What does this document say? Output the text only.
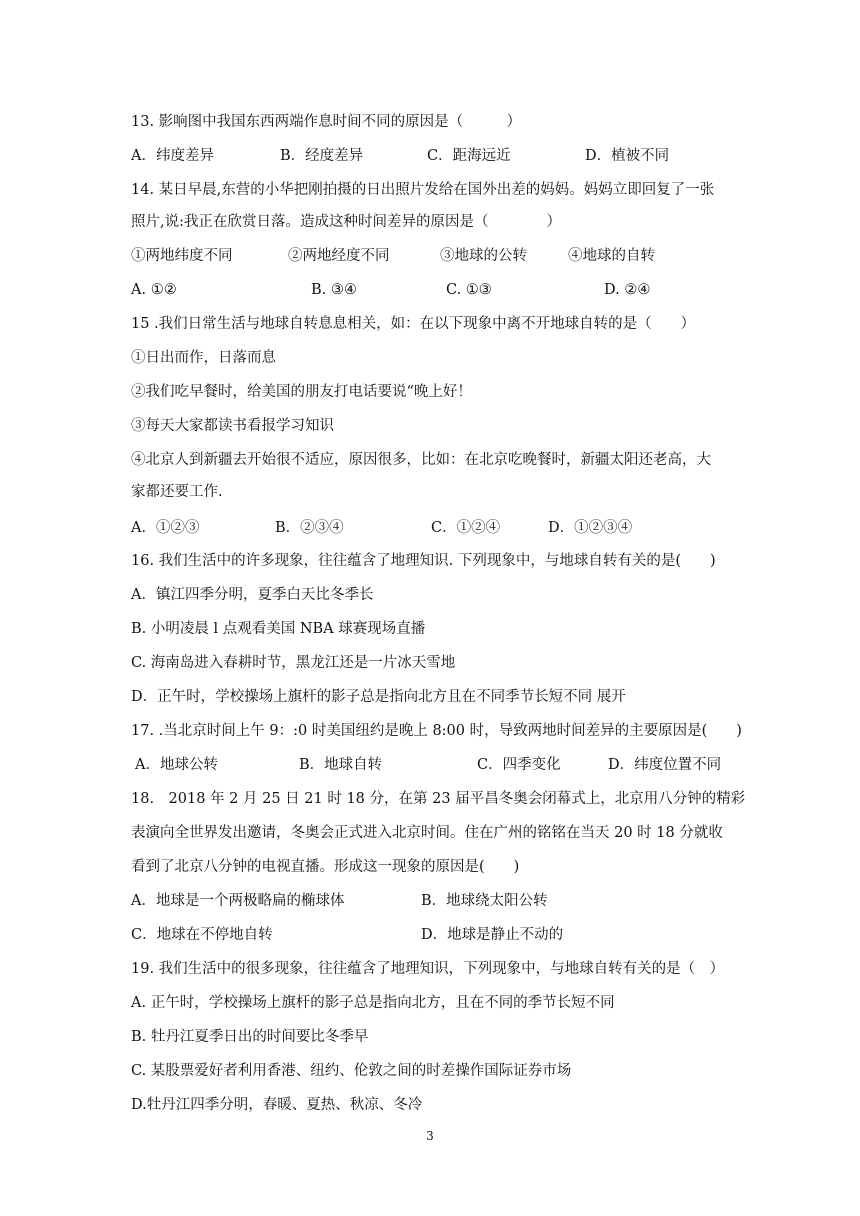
13. 影响图中我国东西两端作息时间不同的原因是（　　　）

A．纬度差异	B．经度差异	C．距海远近	D．植被不同

14. 某日早晨,东营的小华把刚拍摄的日出照片发给在国外出差的妈妈。妈妈立即回复了一张

照片,说:我正在欣赏日落。造成这种时间差异的原因是（　　　　）

①两地纬度不同	②两地经度不同	③地球的公转	④地球的自转
A. ①②	B. ③④	C. ①③	D. ②④

15 .我们日常生活与地球自转息息相关，如：在以下现象中离不开地球自转的是（　　）

①日出而作，日落而息

②我们吃早餐时，给美国的朋友打电话要说“晚上好！

③每天大家都读书看报学习知识

④北京人到新疆去开始很不适应，原因很多，比如：在北京吃晚餐时，新疆太阳还老高，大

家都还要工作.

A．①②③	B．②③④	C．①②④	D．①②③④

16. 我们生活中的许多现象，往往蕴含了地理知识. 下列现象中，与地球自转有关的是(　　)

A．镇江四季分明，夏季白天比冬季长

B. 小明凌晨 l 点观看美国 NBA 球赛现场直播

C. 海南岛进入春耕时节，黑龙江还是一片冰天雪地

D．正午时，学校操场上旗杆的影子总是指向北方且在不同季节长短不同 展开

17. .当北京时间上午 9：:0 时美国纽约是晚上 8:00 时，导致两地时间差异的主要原因是(　　)

A．地球公转	B．地球自转	C．四季变化	D．纬度位置不同

18.　2018 年 2 月 25 日 21 时 18 分，在第 23 届平昌冬奥会闭幕式上，北京用八分钟的精彩

表演向全世界发出邀请，冬奥会正式进入北京时间。住在广州的铭铭在当天 20 时 18 分就收

看到了北京八分钟的电视直播。形成这一现象的原因是(　　)

A．地球是一个两极略扁的椭球体	B．地球绕太阳公转
C．地球在不停地自转	D．地球是静止不动的

19. 我们生活中的很多现象，往往蕴含了地理知识，下列现象中，与地球自转有关的是（　）

A. 正午时，学校操场上旗杆的影子总是指向北方，且在不同的季节长短不同

B. 牡丹江夏季日出的时间要比冬季早

C. 某股票爱好者利用香港、纽约、伦敦之间的时差操作国际证券市场

D.牡丹江四季分明，春暖、夏热、秋凉、冬冷

3
